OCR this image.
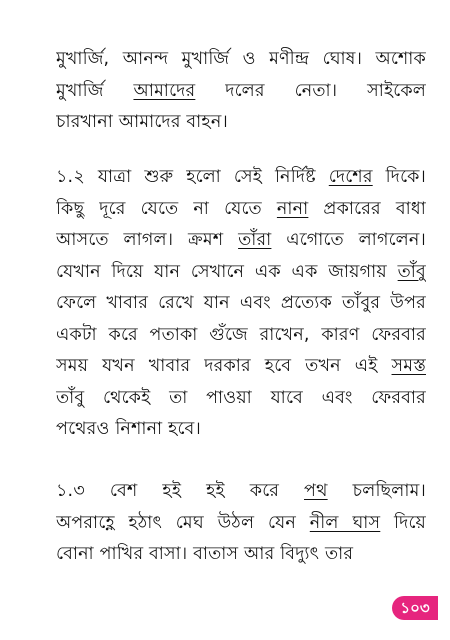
মুখার্জি, আনন্দ মুখার্জি ও মণীন্দ্র ঘোষ। অশোক
মুখার্জি আমাদের দলের নেতা। সাইকেল
চারখানা আমাদের বাহন।
১.২ যাত্রা শুরু হলো সেই নির্দিষ্ট দেশের দিকে।
কিছু দূরে যেতে না যেতে নানা প্রকারের বাধা
আসতে লাগল। ক্রমশ তাঁরা এগোতে লাগলেন।
যেখান দিয়ে যান সেখানে এক এক জায়গায় তাঁবু
ফেলে খাবার রেখে যান এবং প্রত্যেক তাঁবুর উপর
একটা করে পতাকা গুঁজে রাখেন, কারণ ফেরবার
সময় যখন খাবার দরকার হবে তখন এই সমস্ত
তাঁবু থেকেই তা পাওয়া যাবে এবং ফেরবার
পথেরও নিশানা হবে।
১.৩ বেশ হই হই করে পথ চলছিলাম।
অপরাহ্ণে হঠাৎ মেঘ উঠল যেন নীল ঘাস দিয়ে
বোনা পাখির বাসা। বাতাস আর বিদ্যুৎ তার
১০৩
